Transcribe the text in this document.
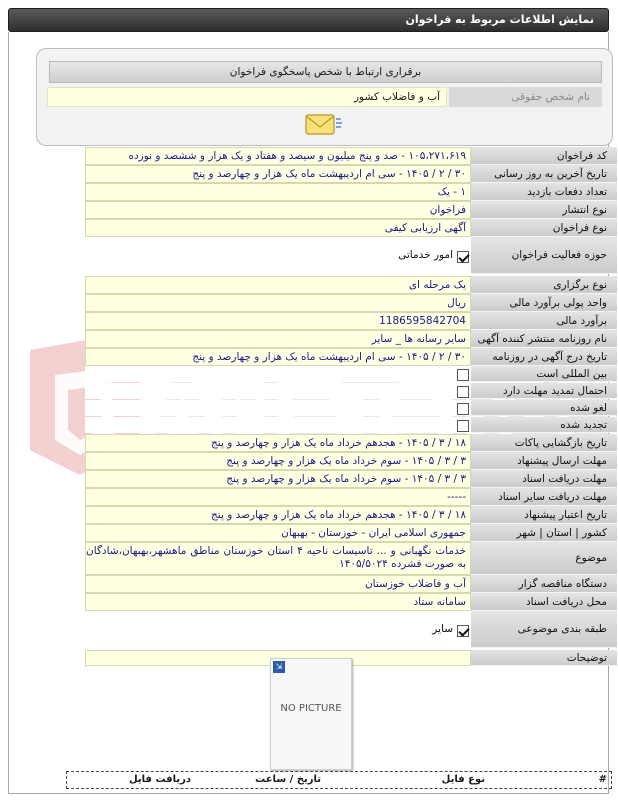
نمایش اطلاعات مربوط به فراخوان
برقراری ارتباط با شخص پاسخگوی فراخوان
نام شخص حقوقی
آب و فاضلاب کشور
کد فراخوان
۱۰۵،۲۷۱،۶۱۹ - صد و پنج میلیون و سیصد و هفتاد و یک هزار و ششصد و نوزده
تاریخ آخرین به روز رسانی
۳۰ / ۲ / ۱۴۰۵ - سی ام اردیبهشت ماه یک هزار و چهارصد و پنج
تعداد دفعات بازدید
۱ - یک
نوع انتشار
فراخوان
نوع فراخوان
آگهی ارزیابی کیفی
حوزه فعالیت فراخوان
امور خدماتی
نوع برگزاری
یک مرحله ای
واحد پولی برآورد مالی
ریال
برآورد مالی
1186595842704
نام روزنامه منتشر کننده آگهی
سایر رسانه ها _ سایر
تاریخ درج آگهی در روزنامه
۳۰ / ۲ / ۱۴۰۵ - سی ام اردیبهشت ماه یک هزار و چهارصد و پنج
بین المللی است
احتمال تمدید مهلت دارد
لغو شده
تجدید شده
تاریخ بازگشایی پاکات
۱۸ / ۳ / ۱۴۰۵ - هجدهم خرداد ماه یک هزار و چهارصد و پنج
مهلت ارسال پیشنهاد
۳ / ۳ / ۱۴۰۵ - سوم خرداد ماه یک هزار و چهارصد و پنج
مهلت دریافت اسناد
۳ / ۳ / ۱۴۰۵ - سوم خرداد ماه یک هزار و چهارصد و پنج
مهلت دریافت سایر اسناد
-----
تاریخ اعتبار پیشنهاد
۱۸ / ۳ / ۱۴۰۵ - هجدهم خرداد ماه یک هزار و چهارصد و پنج
کشور | استان | شهر
جمهوری اسلامی ایران - خوزستان - بهبهان
موضوع
خدمات نگهبانی و ... تاسیسات ناحیه ۴ استان خوزستان مناطق ماهشهر،بهبهان،شادگان به صورت فشرده ۱۴۰۵/۵۰۲۴
دستگاه مناقصه گزار
آب و فاضلاب خوزستان
محل دریافت اسناد
سامانه ستاد
طبقه بندی موضوعی
سایر
توضیحات
⇲
NO PICTURE
#
نوع فایل
تاریخ / ساعت
دریافت فایل
